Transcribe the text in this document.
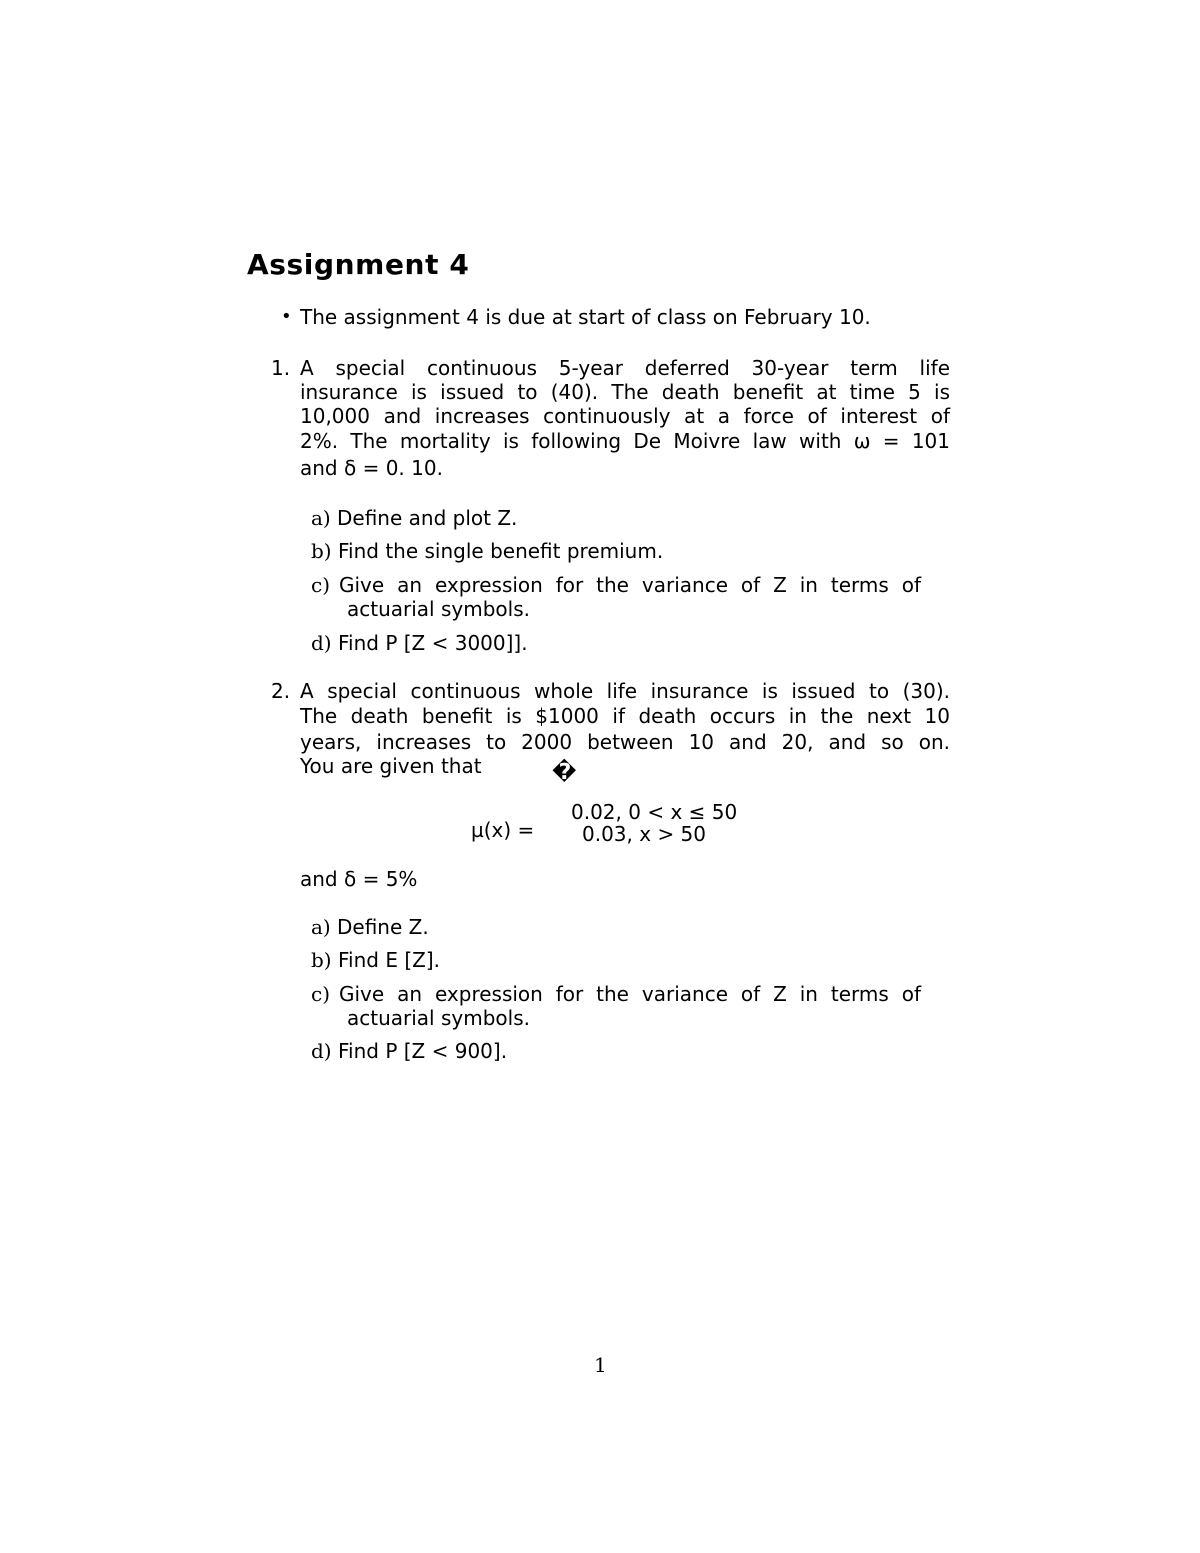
Assignment 4
• The assignment 4 is due at start of class on February 10.
1. A special continuous 5-year deferred 30-year term life
insurance is issued to (40). The death benefit at time 5 is
10,000 and increases continuously at a force of interest of
2%. The mortality is following De Moivre law with ω = 101
and δ = 0. 10.
a) Define and plot Z.
b) Find the single benefit premium.
c) Give an expression for the variance of Z in terms of
actuarial symbols.
d) Find P [Z < 3000]].
2. A special continuous whole life insurance is issued to (30).
The death benefit is $1000 if death occurs in the next 10
years, increases to 2000 between 10 and 20, and so on.
You are given that	�
µ(x) =
0.02, 0 < x ≤ 50
0.03, x > 50
and δ = 5%
a) Define Z.
b) Find E [Z].
c) Give an expression for the variance of Z in terms of
actuarial symbols.
d) Find P [Z < 900].
1
